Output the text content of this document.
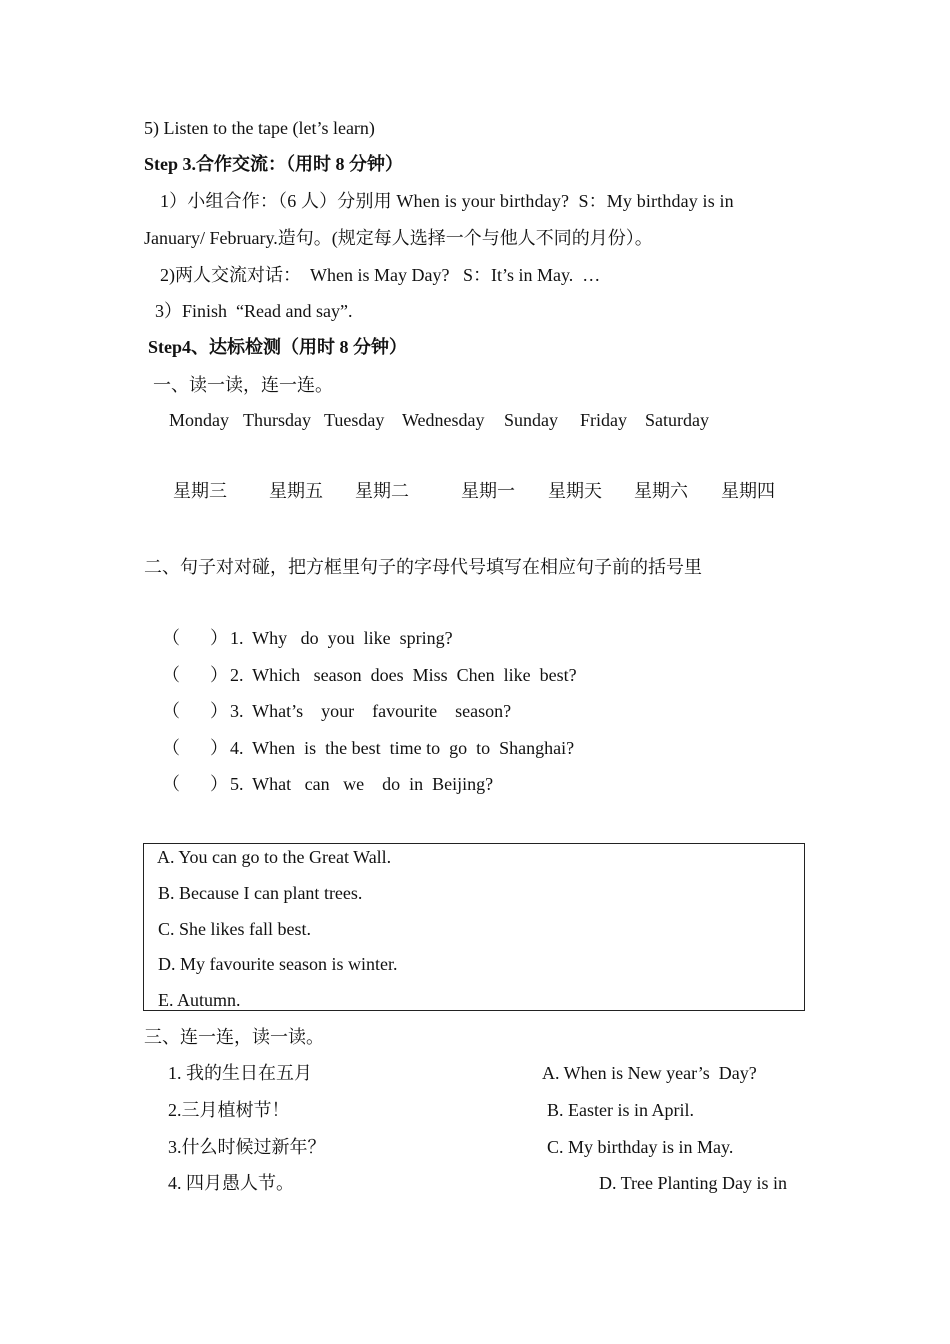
5) Listen to the tape (let’s learn)
Step 3.合作交流：（用时 8 分钟）
1）小组合作：（6 人）分别用 When is your birthday?  S：My birthday is in
January/ February.造句。(规定每人选择一个与他人不同的月份）。
2)两人交流对话：  When is May Day?   S：It’s in May.  …
3）Finish  “Read and say”.
Step4、达标检测（用时 8 分钟）
一、读一读，连一连。
Monday Thursday Tuesday Wednesday Sunday Friday Saturday
星期三 星期五 星期二	星期一 星期天 星期六 星期四
二、句子对对碰，把方框里句子的字母代号填写在相应句子前的括号里
（ ） 1.  Why   do  you  like  spring?
（ ） 2.  Which   season  does  Miss  Chen  like  best?
（ ） 3.  What’s    your    favourite    season?
（ ） 4.  When  is  the best  time to  go  to  Shanghai?
（ ） 5.  What   can   we    do  in  Beijing?
A. You can go to the Great Wall.
B. Because I can plant trees.
C. She likes fall best.
D. My favourite season is winter.
E. Autumn.
三、连一连，读一读。
1. 我的生日在五月	A. When is New year’s  Day?
2.三月植树节！	B. Easter is in April.
3.什么时候过新年？	C. My birthday is in May.
4. 四月愚人节。	D. Tree Planting Day is in
